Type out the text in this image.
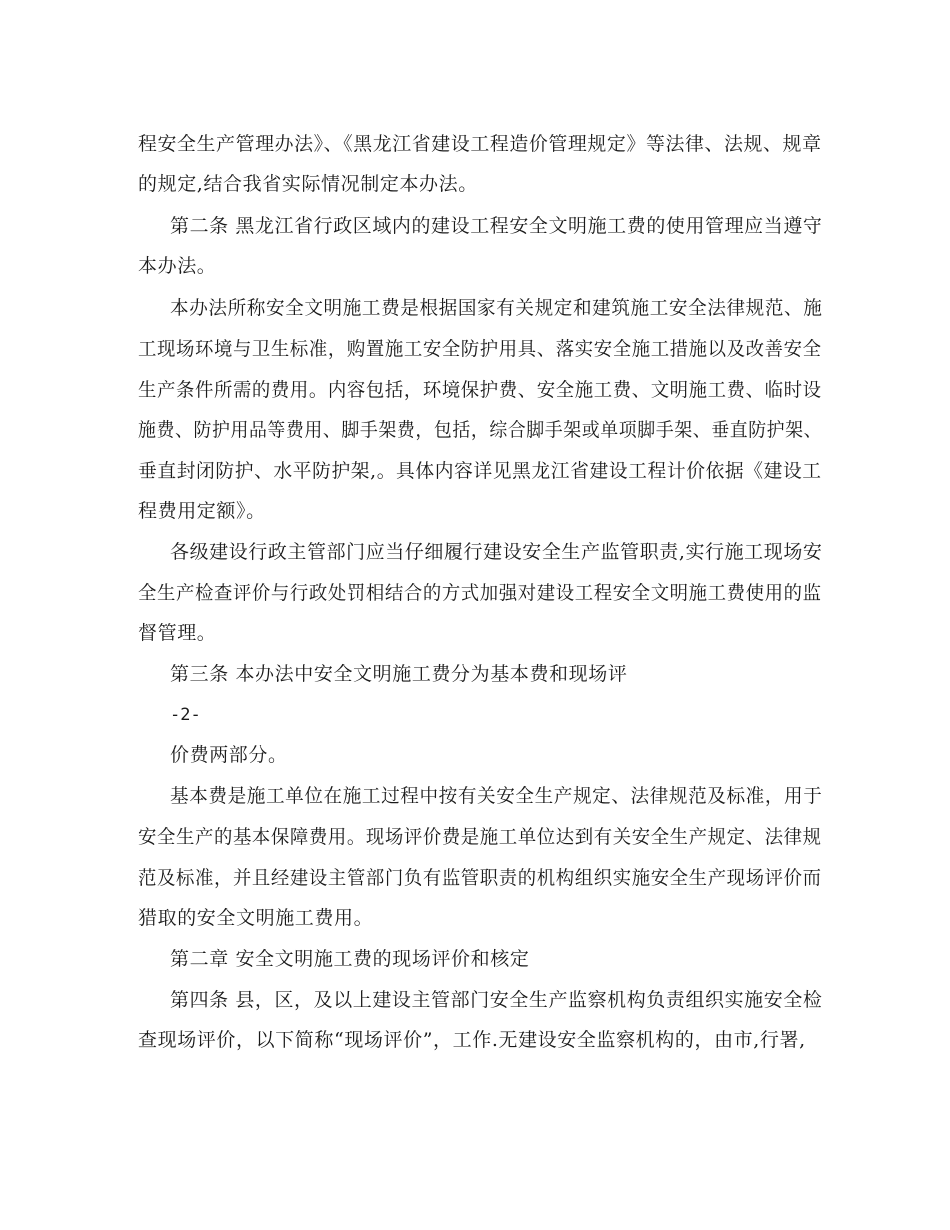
程安全生产管理办法》、《黑龙江省建设工程造价管理规定》等法律、法规、规章
的规定,结合我省实际情况制定本办法。
第二条 黑龙江省行政区域内的建设工程安全文明施工费的使用管理应当遵守
本办法。
本办法所称安全文明施工费是根据国家有关规定和建筑施工安全法律规范、施
工现场环境与卫生标准，购置施工安全防护用具、落实安全施工措施以及改善安全
生产条件所需的费用。内容包括，环境保护费、安全施工费、文明施工费、临时设
施费、防护用品等费用、脚手架费，包括，综合脚手架或单项脚手架、垂直防护架、
垂直封闭防护、水平防护架,。具体内容详见黑龙江省建设工程计价依据《建设工
程费用定额》。
各级建设行政主管部门应当仔细履行建设安全生产监管职责,实行施工现场安
全生产检查评价与行政处罚相结合的方式加强对建设工程安全文明施工费使用的监
督管理。
第三条 本办法中安全文明施工费分为基本费和现场评
-2-
价费两部分。
基本费是施工单位在施工过程中按有关安全生产规定、法律规范及标准，用于
安全生产的基本保障费用。现场评价费是施工单位达到有关安全生产规定、法律规
范及标准，并且经建设主管部门负有监管职责的机构组织实施安全生产现场评价而
猎取的安全文明施工费用。
第二章 安全文明施工费的现场评价和核定
第四条 县，区，及以上建设主管部门安全生产监察机构负责组织实施安全检
查现场评价，以下简称“现场评价”，工作.无建设安全监察机构的，由市,行署,
